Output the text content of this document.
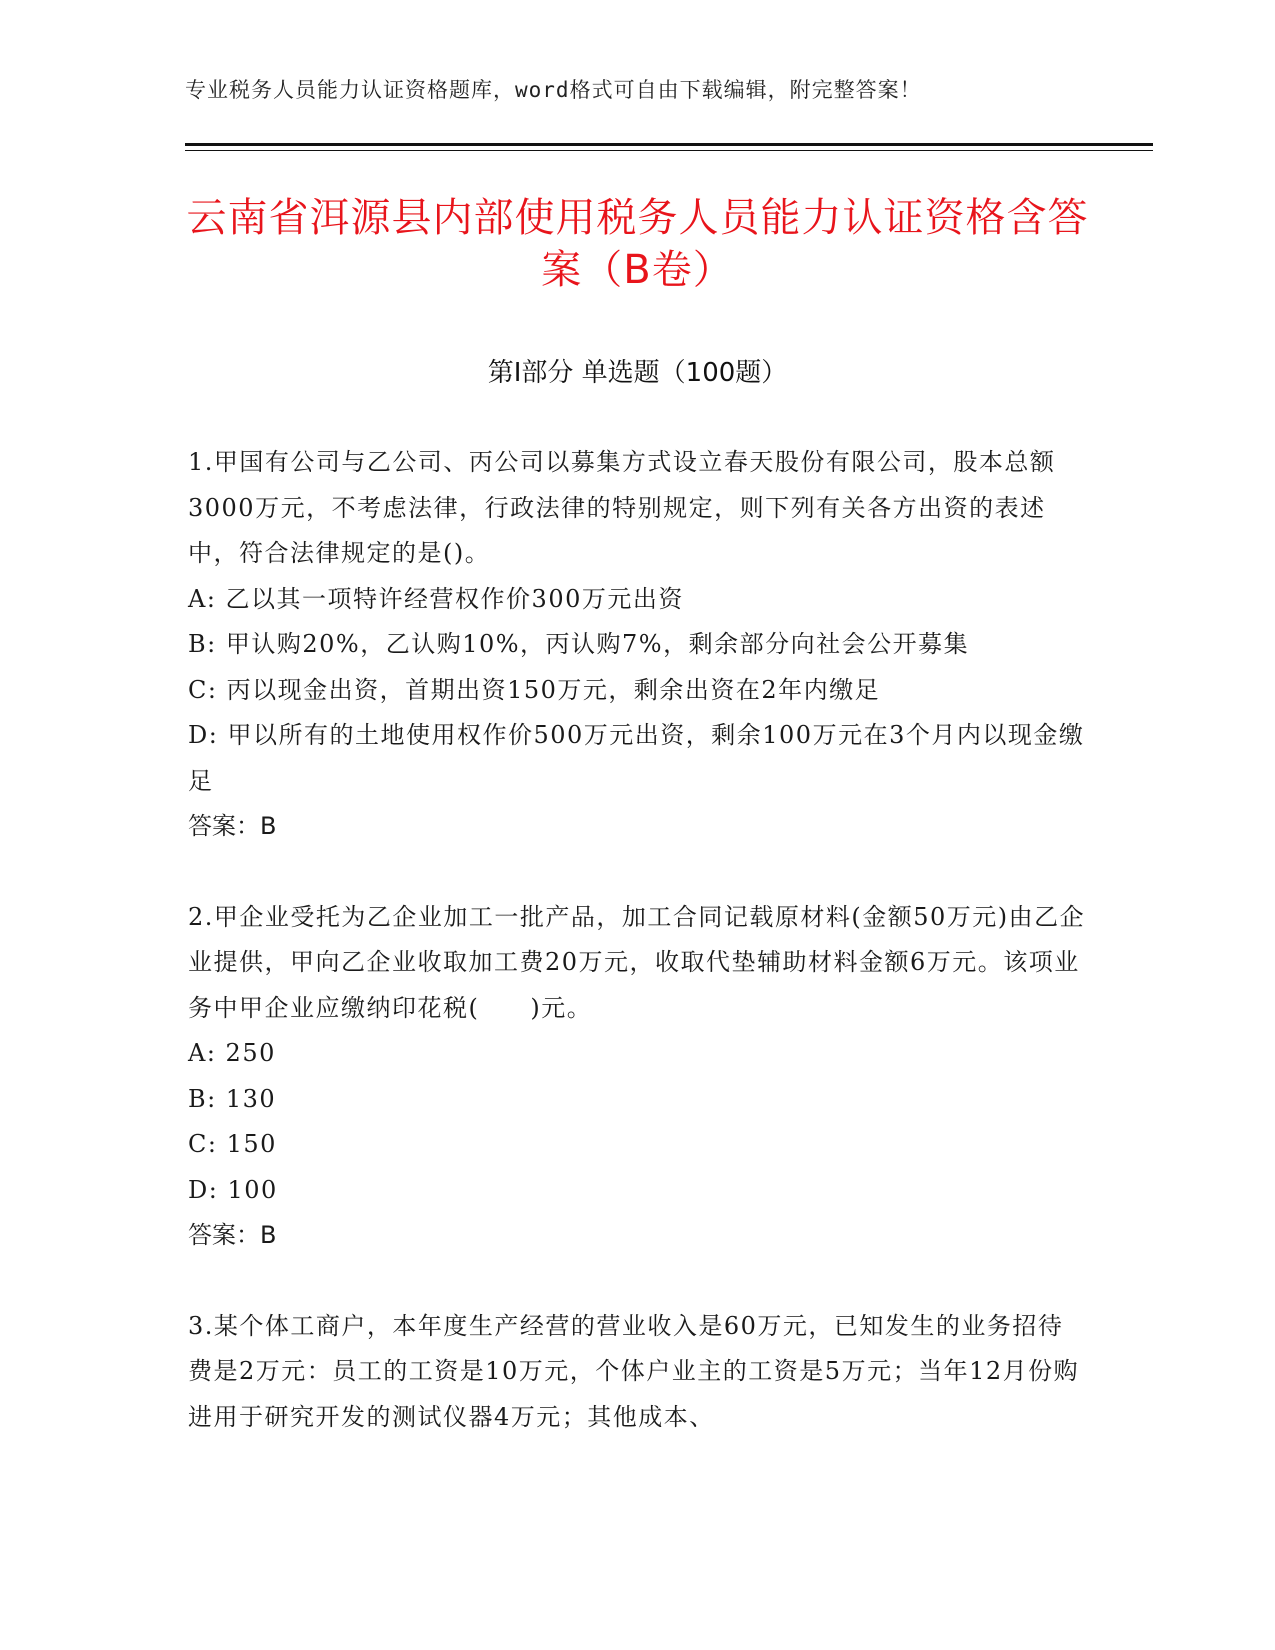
专业税务人员能力认证资格题库，word格式可自由下载编辑，附完整答案！
云南省洱源县内部使用税务人员能力认证资格含答案（B卷）
第Ⅰ部分 单选题（100题）

1.甲国有公司与乙公司、丙公司以募集方式设立春天股份有限公司，股本总额3000万元，不考虑法律，行政法律的特别规定，则下列有关各方出资的表述中，符合法律规定的是()。

A: 乙以其一项特许经营权作价300万元出资

B: 甲认购20%，乙认购10%，丙认购7%，剩余部分向社会公开募集

C: 丙以现金出资，首期出资150万元，剩余出资在2年内缴足

D: 甲以所有的土地使用权作价500万元出资，剩余100万元在3个月内以现金缴足

答案：B

2.甲企业受托为乙企业加工一批产品，加工合同记载原材料(金额50万元)由乙企业提供，甲向乙企业收取加工费20万元，收取代垫辅助材料金额6万元。该项业务中甲企业应缴纳印花税(　　)元。

A: 250

B: 130

C: 150

D: 100

答案：B

3.某个体工商户，本年度生产经营的营业收入是60万元，已知发生的业务招待费是2万元：员工的工资是10万元，个体户业主的工资是5万元；当年12月份购进用于研究开发的测试仪器4万元；其他成本、
